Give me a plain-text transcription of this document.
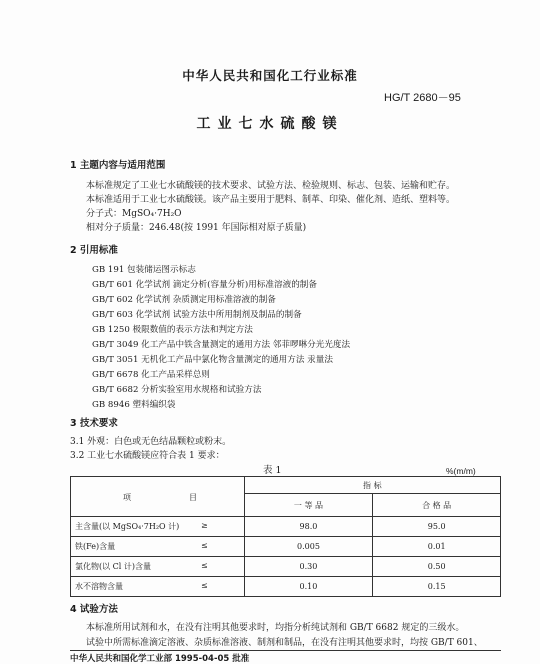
中华人民共和国化工行业标准
HG/T 2680－95
工业七水硫酸镁
1 主题内容与适用范围
本标准规定了工业七水硫酸镁的技术要求、试验方法、检验规则、标志、包装、运输和贮存。
本标准适用于工业七水硫酸镁。该产品主要用于肥料、制革、印染、催化剂、造纸、塑料等。
分子式：MgSO₄·7H₂O
相对分子质量：246.48(按 1991 年国际相对原子质量)
2 引用标准
GB 191 包装储运图示标志
GB/T 601 化学试剂 滴定分析(容量分析)用标准溶液的制备
GB/T 602 化学试剂 杂质测定用标准溶液的制备
GB/T 603 化学试剂 试验方法中所用制剂及制品的制备
GB 1250 极限数值的表示方法和判定方法
GB/T 3049 化工产品中铁含量测定的通用方法 邻菲啰啉分光光度法
GB/T 3051 无机化工产品中氯化物含量测定的通用方法 汞量法
GB/T 6678 化工产品采样总则
GB/T 6682 分析实验室用水规格和试验方法
GB 8946 塑料编织袋
3 技术要求
3.1 外观：白色或无色结晶颗粒或粉末。
3.2 工业七水硫酸镁应符合表 1 要求：
表 1	%(m/m)
项 目	指 标	
	一 等 品	合 格 品
主含量(以 MgSO₄·7H₂O 计) ≥	98.0	95.0
铁(Fe)含量 ≤	0.005	0.01
氯化物(以 Cl 计)含量 ≤	0.30	0.50
水不溶物含量 ≤	0.10	0.15
4 试验方法
本标准所用试剂和水，在没有注明其他要求时，均指分析纯试剂和 GB/T 6682 规定的三级水。
试验中所需标准滴定溶液、杂质标准溶液、制剂和制品，在没有注明其他要求时，均按 GB/T 601、
中华人民共和国化学工业部 1995-04-05 批准
